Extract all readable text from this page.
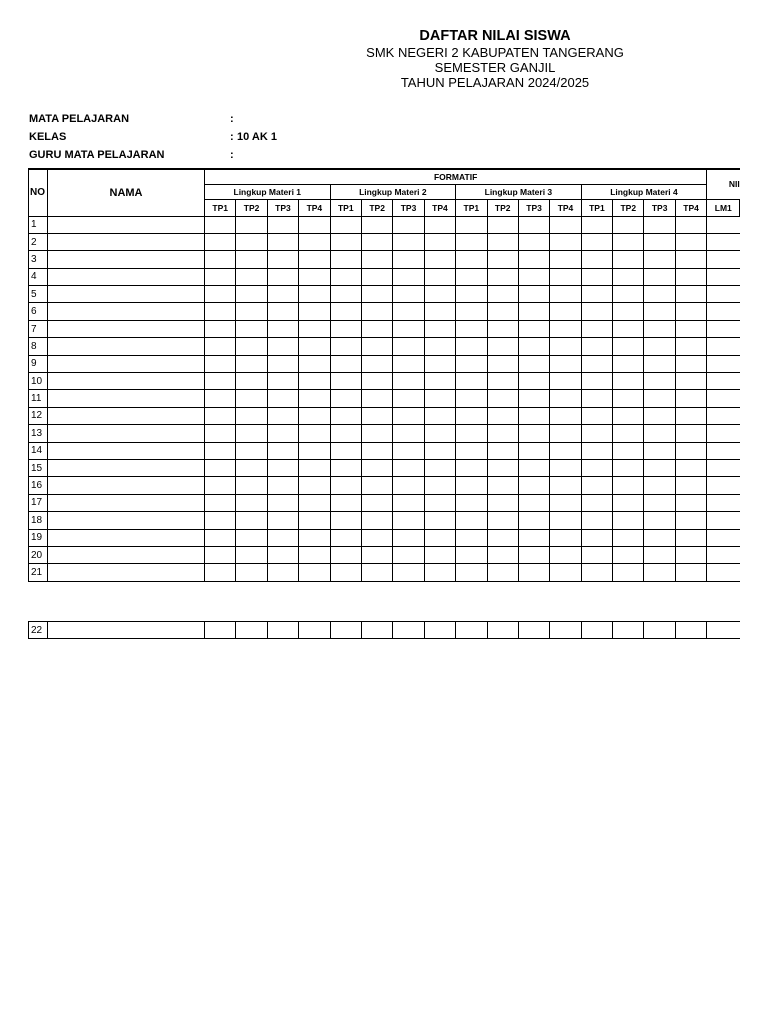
DAFTAR NILAI SISWA
SMK NEGERI 2 KABUPATEN TANGERANG
SEMESTER GANJIL
TAHUN PELAJARAN 2024/2025
MATA PELAJARAN	:
KELAS	: 10 AK 1
GURU MATA PELAJARAN	:
NO	NAMA	FORMATIF																NII
		Lingkup Materi 1				Lingkup Materi 2				Lingkup Materi 3				Lingkup Materi 4				
		TP1	TP2	TP3	TP4	TP1	TP2	TP3	TP4	TP1	TP2	TP3	TP4	TP1	TP2	TP3	TP4	LM1
1																		
2																		
3																		
4																		
5																		
6																		
7																		
8																		
9																		
10																		
11																		
12																		
13																		
14																		
15																		
16																		
17																		
18																		
19																		
20																		
21																		
22																		
